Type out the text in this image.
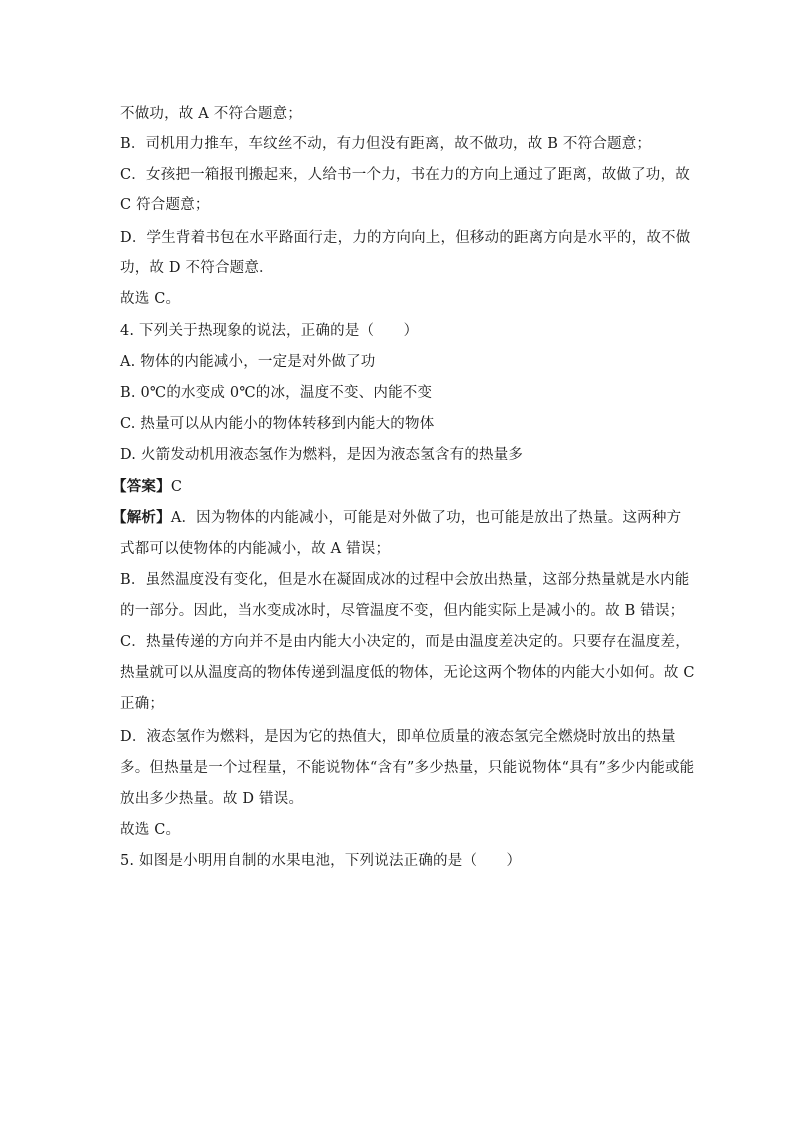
不做功，故 A 不符合题意；
B．司机用力推车，车纹丝不动，有力但没有距离，故不做功，故 B 不符合题意；
C．女孩把一箱报刊搬起来，人给书一个力，书在力的方向上通过了距离，故做了功，故
C 符合题意；
D．学生背着书包在水平路面行走，力的方向向上，但移动的距离方向是水平的，故不做
功，故 D 不符合题意．
故选 C。
4. 下列关于热现象的说法，正确的是（　　）
A. 物体的内能减小，一定是对外做了功
B. 0℃的水变成 0℃的冰，温度不变、内能不变
C. 热量可以从内能小的物体转移到内能大的物体
D. 火箭发动机用液态氢作为燃料，是因为液态氢含有的热量多
【答案】C
【解析】A．因为物体的内能减小，可能是对外做了功，也可能是放出了热量。这两种方
式都可以使物体的内能减小，故 A 错误；
B．虽然温度没有变化，但是水在凝固成冰的过程中会放出热量，这部分热量就是水内能
的一部分。因此，当水变成冰时，尽管温度不变，但内能实际上是减小的。故 B 错误；
C．热量传递的方向并不是由内能大小决定的，而是由温度差决定的。只要存在温度差，
热量就可以从温度高的物体传递到温度低的物体，无论这两个物体的内能大小如何。故 C
正确；
D．液态氢作为燃料，是因为它的热值大，即单位质量的液态氢完全燃烧时放出的热量
多。但热量是一个过程量，不能说物体“含有”多少热量，只能说物体“具有”多少内能或能
放出多少热量。故 D 错误。
故选 C。
5. 如图是小明用自制的水果电池，下列说法正确的是（　　）
